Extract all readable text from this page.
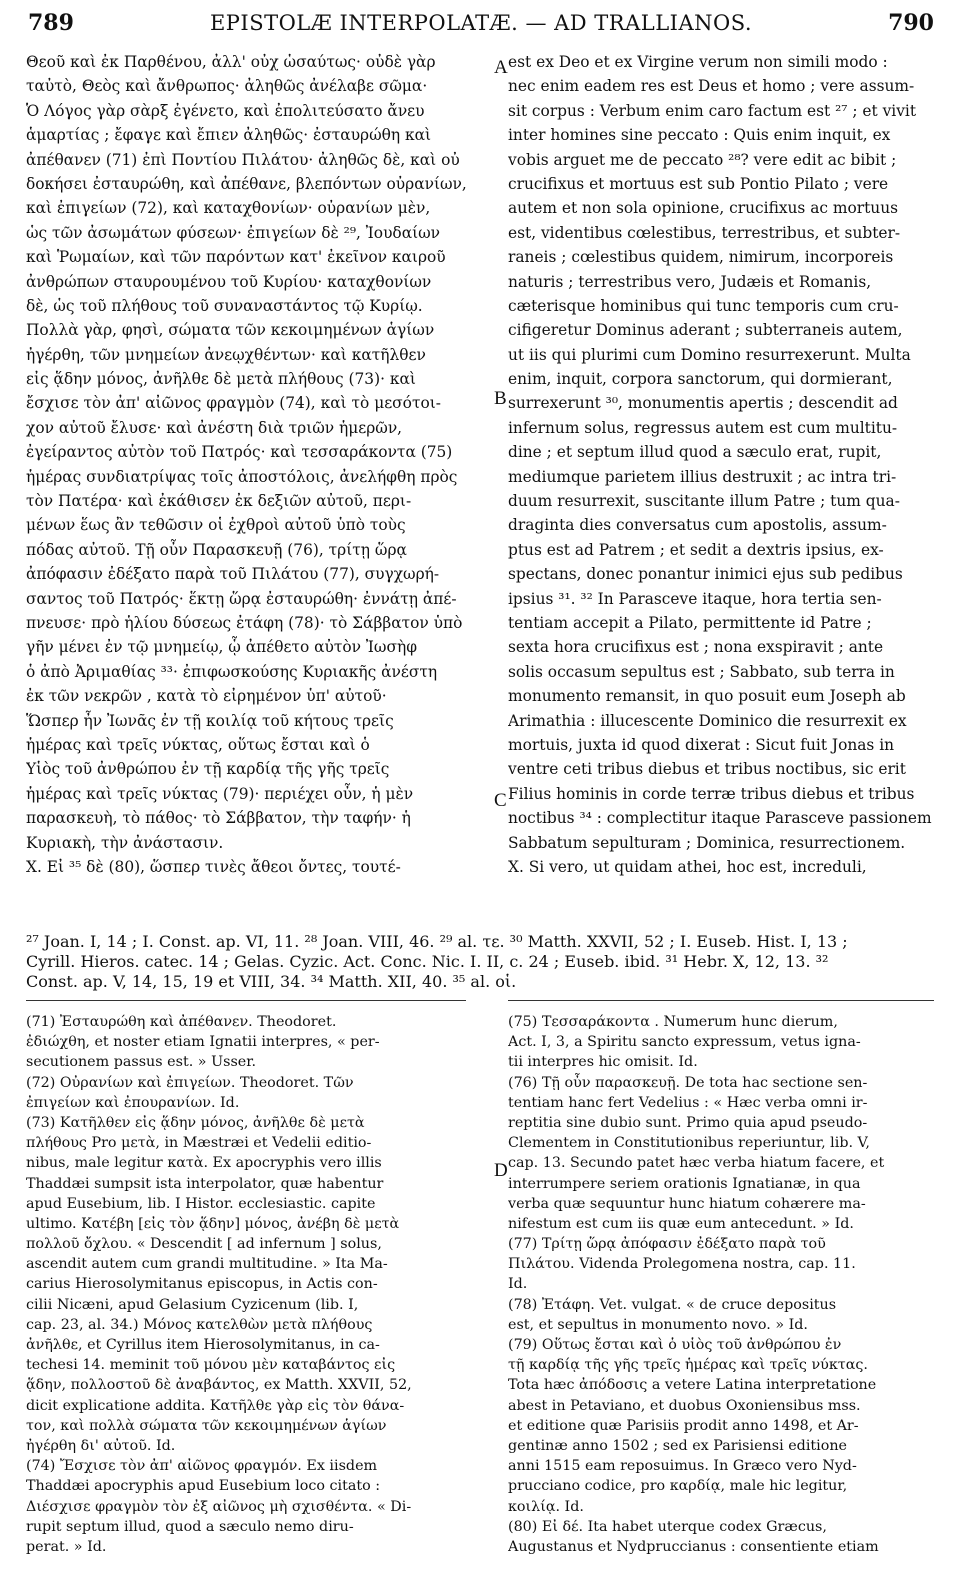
789	EPISTOLÆ INTERPOLATÆ. — AD TRALLIANOS.	790
Θεοῦ καὶ ἐκ Παρθένου, ἀλλ' οὐχ ὡσαύτως· οὐδὲ γὰρ
ταὐτὸ, Θεὸς καὶ ἄνθρωπος· ἀληθῶς ἀνέλαβε σῶμα·
Ὁ Λόγος γὰρ σὰρξ ἐγένετο, καὶ ἐπολιτεύσατο ἄνευ
ἁμαρτίας ; ἔφαγε καὶ ἔπιεν ἀληθῶς· ἐσταυρώθη καὶ
ἀπέθανεν (71) ἐπὶ Ποντίου Πιλάτου· ἀληθῶς δὲ, καὶ οὐ
δοκήσει ἐσταυρώθη, καὶ ἀπέθανε, βλεπόντων οὐρανίων,
καὶ ἐπιγείων (72), καὶ καταχθονίων· οὐρανίων μὲν,
ὡς τῶν ἀσωμάτων φύσεων· ἐπιγείων δὲ ²⁹, Ἰουδαίων
καὶ Ῥωμαίων, καὶ τῶν παρόντων κατ' ἐκεῖνον καιροῦ
ἀνθρώπων σταυρουμένου τοῦ Κυρίου· καταχθονίων
δὲ, ὡς τοῦ πλήθους τοῦ συναναστάντος τῷ Κυρίῳ.
Πολλὰ γὰρ, φησὶ, σώματα τῶν κεκοιμημένων ἁγίων
ἠγέρθη, τῶν μνημείων ἀνεῳχθέντων· καὶ κατῆλθεν
εἰς ᾅδην μόνος, ἀνῆλθε δὲ μετὰ πλήθους (73)· καὶ
ἔσχισε τὸν ἀπ' αἰῶνος φραγμὸν (74), καὶ τὸ μεσότοι-
χον αὐτοῦ ἔλυσε· καὶ ἀνέστη διὰ τριῶν ἡμερῶν,
ἐγείραντος αὐτὸν τοῦ Πατρός· καὶ τεσσαράκοντα (75)
ἡμέρας συνδιατρίψας τοῖς ἀποστόλοις, ἀνελήφθη πρὸς
τὸν Πατέρα· καὶ ἐκάθισεν ἐκ δεξιῶν αὐτοῦ, περι-
μένων ἕως ἂν τεθῶσιν οἱ ἐχθροὶ αὐτοῦ ὑπὸ τοὺς
πόδας αὐτοῦ. Τῇ οὖν Παρασκευῇ (76), τρίτῃ ὥρᾳ
ἀπόφασιν ἐδέξατο παρὰ τοῦ Πιλάτου (77), συγχωρή-
σαντος τοῦ Πατρός· ἕκτῃ ὥρᾳ ἐσταυρώθη· ἐννάτῃ ἀπέ-
πνευσε· πρὸ ἡλίου δύσεως ἐτάφη (78)· τὸ Σάββατον ὑπὸ
γῆν μένει ἐν τῷ μνημείῳ, ᾧ ἀπέθετο αὐτὸν Ἰωσὴφ
ὁ ἀπὸ Ἀριμαθίας ³³· ἐπιφωσκούσης Κυριακῆς ἀνέστη
ἐκ τῶν νεκρῶν , κατὰ τὸ εἰρημένον ὑπ' αὐτοῦ·
Ὥσπερ ἦν Ἰωνᾶς ἐν τῇ κοιλίᾳ τοῦ κήτους τρεῖς
ἡμέρας καὶ τρεῖς νύκτας, οὕτως ἔσται καὶ ὁ
Υἱὸς τοῦ ἀνθρώπου ἐν τῇ καρδίᾳ τῆς γῆς τρεῖς
ἡμέρας καὶ τρεῖς νύκτας (79)· περιέχει οὖν, ἡ μὲν
παρασκευὴ, τὸ πάθος· τὸ Σάββατον, τὴν ταφήν· ἡ
Κυριακὴ, τὴν ἀνάστασιν.
X. Εἰ ³⁵ δὲ (80), ὥσπερ τινὲς ἄθεοι ὄντες, τουτέ-
est ex Deo et ex Virgine verum non simili modo :
nec enim eadem res est Deus et homo ; vere assum-
sit corpus : Verbum enim caro factum est ²⁷ ; et vivit
inter homines sine peccato : Quis enim inquit, ex
vobis arguet me de peccato ²⁸? vere edit ac bibit ;
crucifixus et mortuus est sub Pontio Pilato ; vere
autem et non sola opinione, crucifixus ac mortuus
est, videntibus cœlestibus, terrestribus, et subter-
raneis ; cœlestibus quidem, nimirum, incorporeis
naturis ; terrestribus vero, Judæis et Romanis,
cæterisque hominibus qui tunc temporis cum cru-
cifigeretur Dominus aderant ; subterraneis autem,
ut iis qui plurimi cum Domino resurrexerunt. Multa
enim, inquit, corpora sanctorum, qui dormierant,
surrexerunt ³⁰, monumentis apertis ; descendit ad
infernum solus, regressus autem est cum multitu-
dine ; et septum illud quod a sæculo erat, rupit,
mediumque parietem illius destruxit ; ac intra tri-
duum resurrexit, suscitante illum Patre ; tum qua-
draginta dies conversatus cum apostolis, assum-
ptus est ad Patrem ; et sedit a dextris ipsius, ex-
spectans, donec ponantur inimici ejus sub pedibus
ipsius ³¹. ³² In Parasceve itaque, hora tertia sen-
tentiam accepit a Pilato, permittente id Patre ;
sexta hora crucifixus est ; nona exspiravit ; ante
solis occasum sepultus est ; Sabbato, sub terra in
monumento remansit, in quo posuit eum Joseph ab
Arimathia : illucescente Dominico die resurrexit ex
mortuis, juxta id quod dixerat : Sicut fuit Jonas in
ventre ceti tribus diebus et tribus noctibus, sic erit
Filius hominis in corde terræ tribus diebus et tribus
noctibus ³⁴ : complectitur itaque Parasceve passionem
Sabbatum sepulturam ; Dominica, resurrectionem.
X. Si vero, ut quidam athei, hoc est, increduli,
A
B
C
D
²⁷ Joan. I, 14 ; I. Const. ap. VI, 11. ²⁸ Joan. VIII, 46. ²⁹ al. τε. ³⁰ Matth. XXVII, 52 ; I. Euseb. Hist. I, 13 ;
Cyrill. Hieros. catec. 14 ; Gelas. Cyzic. Act. Conc. Nic. I. II, c. 24 ; Euseb. ibid. ³¹ Hebr. X, 12, 13. ³²
Const. ap. V, 14, 15, 19 et VIII, 34. ³⁴ Matth. XII, 40. ³⁵ al. οἱ.
(71) Ἐσταυρώθη καὶ ἀπέθανεν. Theodoret.
ἐδιώχθη, et noster etiam Ignatii interpres, « per-
secutionem passus est. » Usser.
(72) Οὐρανίων καὶ ἐπιγείων. Theodoret. Τῶν
ἐπιγείων καὶ ἐπουρανίων. Id.
(73) Κατῆλθεν εἰς ᾅδην μόνος, ἀνῆλθε δὲ μετὰ
πλήθους Pro μετὰ, in Mæstræi et Vedelii editio-
nibus, male legitur κατὰ. Ex apocryphis vero illis
Thaddæi sumpsit ista interpolator, quæ habentur
apud Eusebium, lib. I Histor. ecclesiastic. capite
ultimo. Κατέβη [εἰς τὸν ᾅδην] μόνος, ἀνέβη δὲ μετὰ
πολλοῦ ὄχλου. « Descendit [ ad infernum ] solus,
ascendit autem cum grandi multitudine. » Ita Ma-
carius Hierosolymitanus episcopus, in Actis con-
cilii Nicæni, apud Gelasium Cyzicenum (lib. I,
cap. 23, al. 34.) Μόνος κατελθὼν μετὰ πλήθους
ἀνῆλθε, et Cyrillus item Hierosolymitanus, in ca-
techesi 14. meminit τοῦ μόνου μὲν καταβάντος εἰς
ᾅδην, πολλοστοῦ δὲ ἀναβάντος, ex Matth. XXVII, 52,
dicit explicatione addita. Κατῆλθε γὰρ εἰς τὸν θάνα-
τον, καὶ πολλὰ σώματα τῶν κεκοιμημένων ἁγίων
ἠγέρθη δι' αὐτοῦ. Id.
(74) Ἔσχισε τὸν ἀπ' αἰῶνος φραγμόν. Ex iisdem
Thaddæi apocryphis apud Eusebium loco citato :
Διέσχισε φραγμὸν τὸν ἐξ αἰῶνος μὴ σχισθέντα. « Di-
rupit septum illud, quod a sæculo nemo diru-
perat. » Id.
(75) Τεσσαράκοντα . Numerum hunc dierum,
Act. I, 3, a Spiritu sancto expressum, vetus igna-
tii interpres hic omisit. Id.
(76) Τῇ οὖν παρασκευῇ. De tota hac sectione sen-
tentiam hanc fert Vedelius : « Hæc verba omni ir-
reptitia sine dubio sunt. Primo quia apud pseudo-
Clementem in Constitutionibus reperiuntur, lib. V,
cap. 13. Secundo patet hæc verba hiatum facere, et
interrumpere seriem orationis Ignatianæ, in qua
verba quæ sequuntur hunc hiatum cohærere ma-
nifestum est cum iis quæ eum antecedunt. » Id.
(77) Τρίτῃ ὥρᾳ ἀπόφασιν ἐδέξατο παρὰ τοῦ
Πιλάτου. Videnda Prolegomena nostra, cap. 11.
Id.
(78) Ἐτάφη. Vet. vulgat. « de cruce depositus
est, et sepultus in monumento novo. » Id.
(79) Οὕτως ἔσται καὶ ὁ υἱὸς τοῦ ἀνθρώπου ἐν
τῇ καρδίᾳ τῆς γῆς τρεῖς ἡμέρας καὶ τρεῖς νύκτας.
Tota hæc ἀπόδοσις a vetere Latina interpretatione
abest in Petaviano, et duobus Oxoniensibus mss.
et editione quæ Parisiis prodit anno 1498, et Ar-
gentinæ anno 1502 ; sed ex Parisiensi editione
anni 1515 eam reposuimus. In Græco vero Nyd-
prucciano codice, pro καρδίᾳ, male hic legitur,
κοιλίᾳ. Id.
(80) Εἰ δέ. Ita habet uterque codex Græcus,
Augustanus et Nydpruccianus : consentiente etiam
